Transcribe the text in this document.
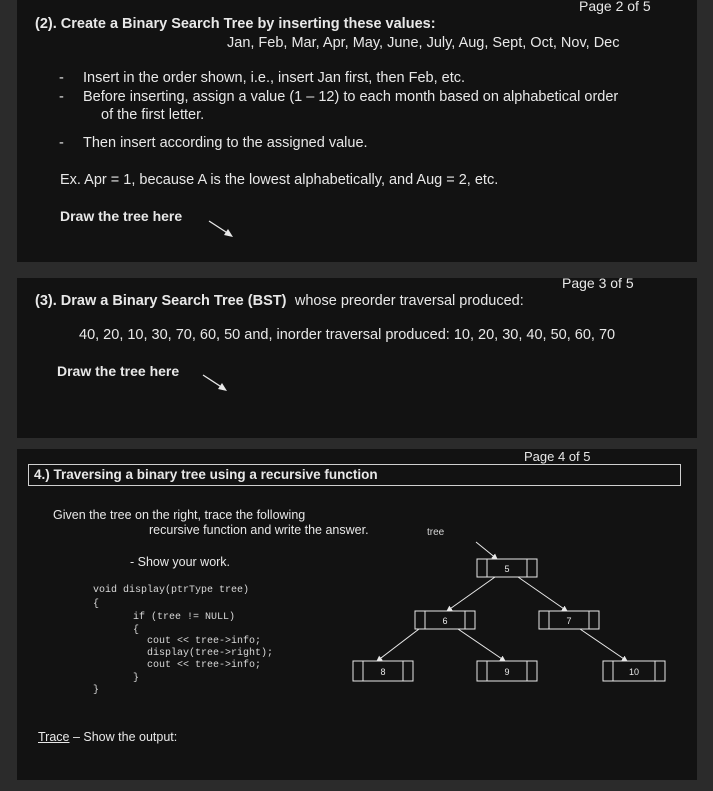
Page 2 of 5
(2). Create a Binary Search Tree by inserting these values:
Jan, Feb, Mar, Apr, May, June, July, Aug, Sept, Oct, Nov, Dec
- Insert in the order shown, i.e., insert Jan first, then Feb, etc.
- Before inserting, assign a value (1 – 12) to each month based on alphabetical order
of the first letter.
- Then insert according to the assigned value.
Ex. Apr = 1, because A is the lowest alphabetically, and Aug = 2, etc.
Draw the tree here
Page 3 of 5
(3). Draw a Binary Search Tree (BST) whose preorder traversal produced:
40, 20, 10, 30, 70, 60, 50 and, inorder traversal produced: 10, 20, 30, 40, 50, 60, 70
Draw the tree here
Page 4 of 5
4.) Traversing a binary tree using a recursive function
Given the tree on the right, trace the following
recursive function and write the answer.
- Show your work.
void display(ptrType tree)
{
if (tree != NULL)
{
cout << tree->info;
display(tree->right);
cout << tree->info;
}
}
Trace – Show the output:
tree
5
6	7
8	9	10
